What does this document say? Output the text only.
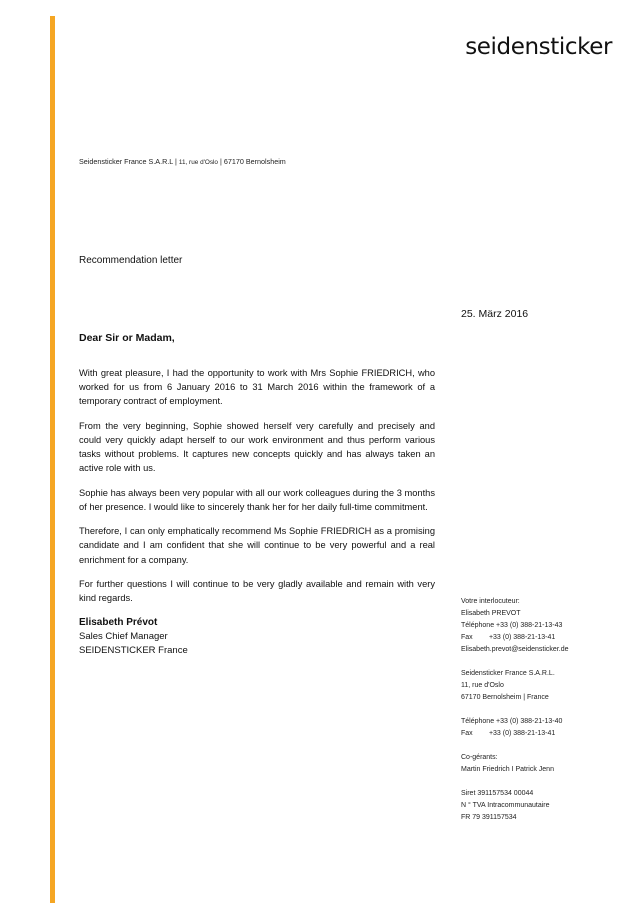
seidensticker
Seidensticker France S.A.R.L | 11, rue d'Oslo | 67170 Bernolsheim
Recommendation letter
25. März 2016
Dear Sir or Madam,

With great pleasure, I had the opportunity to work with Mrs Sophie FRIEDRICH, who worked for us from 6 January 2016 to 31 March 2016 within the framework of a temporary contract of employment.

From the very beginning, Sophie showed herself very carefully and precisely and could very quickly adapt herself to our work environment and thus perform various tasks without problems. It captures new concepts quickly and has always taken an active role with us.

Sophie has always been very popular with all our work colleagues during the 3 months of her presence. I would like to sincerely thank her for her daily full-time commitment.

Therefore, I can only emphatically recommend Ms Sophie FRIEDRICH as a promising candidate and I am confident that she will continue to be very powerful and a real enrichment for a company.

For further questions I will continue to be very gladly available and remain with very kind regards.

Elisabeth Prévot
Sales Chief Manager
SEIDENSTICKER France
Votre interlocuteur:
Elisabeth PREVOT
Téléphone +33 (0) 388-21-13-43
Fax +33 (0) 388-21-13-41
Elisabeth.prevot@seidensticker.de
Seidensticker France S.A.R.L.
11, rue d'Oslo
67170 Bernolsheim | France
Téléphone +33 (0) 388-21-13-40
Fax +33 (0) 388-21-13-41
Co-gérants:
Martin Friedrich I Patrick Jenn
Siret 391157534 00044
N ° TVA Intracommunautaire
FR 79 391157534
